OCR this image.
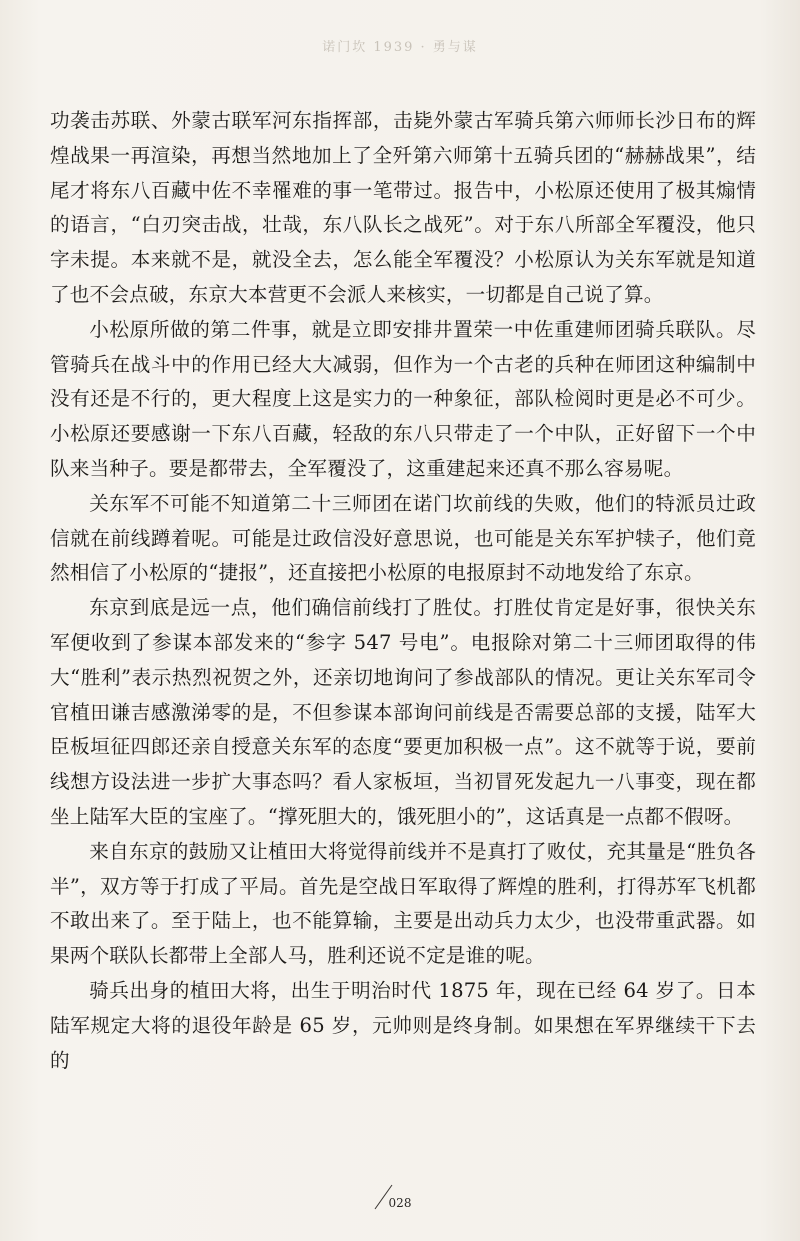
诺门坎 1939 · 勇与谋

功袭击苏联、外蒙古联军河东指挥部，击毙外蒙古军骑兵第六师师长沙日布的辉煌战果一再渲染，再想当然地加上了全歼第六师第十五骑兵团的“赫赫战果”，结尾才将东八百藏中佐不幸罹难的事一笔带过。报告中，小松原还使用了极其煽情的语言，“白刃突击战，壮哉，东八队长之战死”。对于东八所部全军覆没，他只字未提。本来就不是，就没全去，怎么能全军覆没？小松原认为关东军就是知道了也不会点破，东京大本营更不会派人来核实，一切都是自己说了算。

小松原所做的第二件事，就是立即安排井置荣一中佐重建师团骑兵联队。尽管骑兵在战斗中的作用已经大大减弱，但作为一个古老的兵种在师团这种编制中没有还是不行的，更大程度上这是实力的一种象征，部队检阅时更是必不可少。小松原还要感谢一下东八百藏，轻敌的东八只带走了一个中队，正好留下一个中队来当种子。要是都带去，全军覆没了，这重建起来还真不那么容易呢。

关东军不可能不知道第二十三师团在诺门坎前线的失败，他们的特派员辻政信就在前线蹲着呢。可能是辻政信没好意思说，也可能是关东军护犊子，他们竟然相信了小松原的“捷报”，还直接把小松原的电报原封不动地发给了东京。

东京到底是远一点，他们确信前线打了胜仗。打胜仗肯定是好事，很快关东军便收到了参谋本部发来的“参字 547 号电”。电报除对第二十三师团取得的伟大“胜利”表示热烈祝贺之外，还亲切地询问了参战部队的情况。更让关东军司令官植田谦吉感激涕零的是，不但参谋本部询问前线是否需要总部的支援，陆军大臣板垣征四郎还亲自授意关东军的态度“要更加积极一点”。这不就等于说，要前线想方设法进一步扩大事态吗？看人家板垣，当初冒死发起九一八事变，现在都坐上陆军大臣的宝座了。“撑死胆大的，饿死胆小的”，这话真是一点都不假呀。

来自东京的鼓励又让植田大将觉得前线并不是真打了败仗，充其量是“胜负各半”，双方等于打成了平局。首先是空战日军取得了辉煌的胜利，打得苏军飞机都不敢出来了。至于陆上，也不能算输，主要是出动兵力太少，也没带重武器。如果两个联队长都带上全部人马，胜利还说不定是谁的呢。

骑兵出身的植田大将，出生于明治时代 1875 年，现在已经 64 岁了。日本陆军规定大将的退役年龄是 65 岁，元帅则是终身制。如果想在军界继续干下去的

028
